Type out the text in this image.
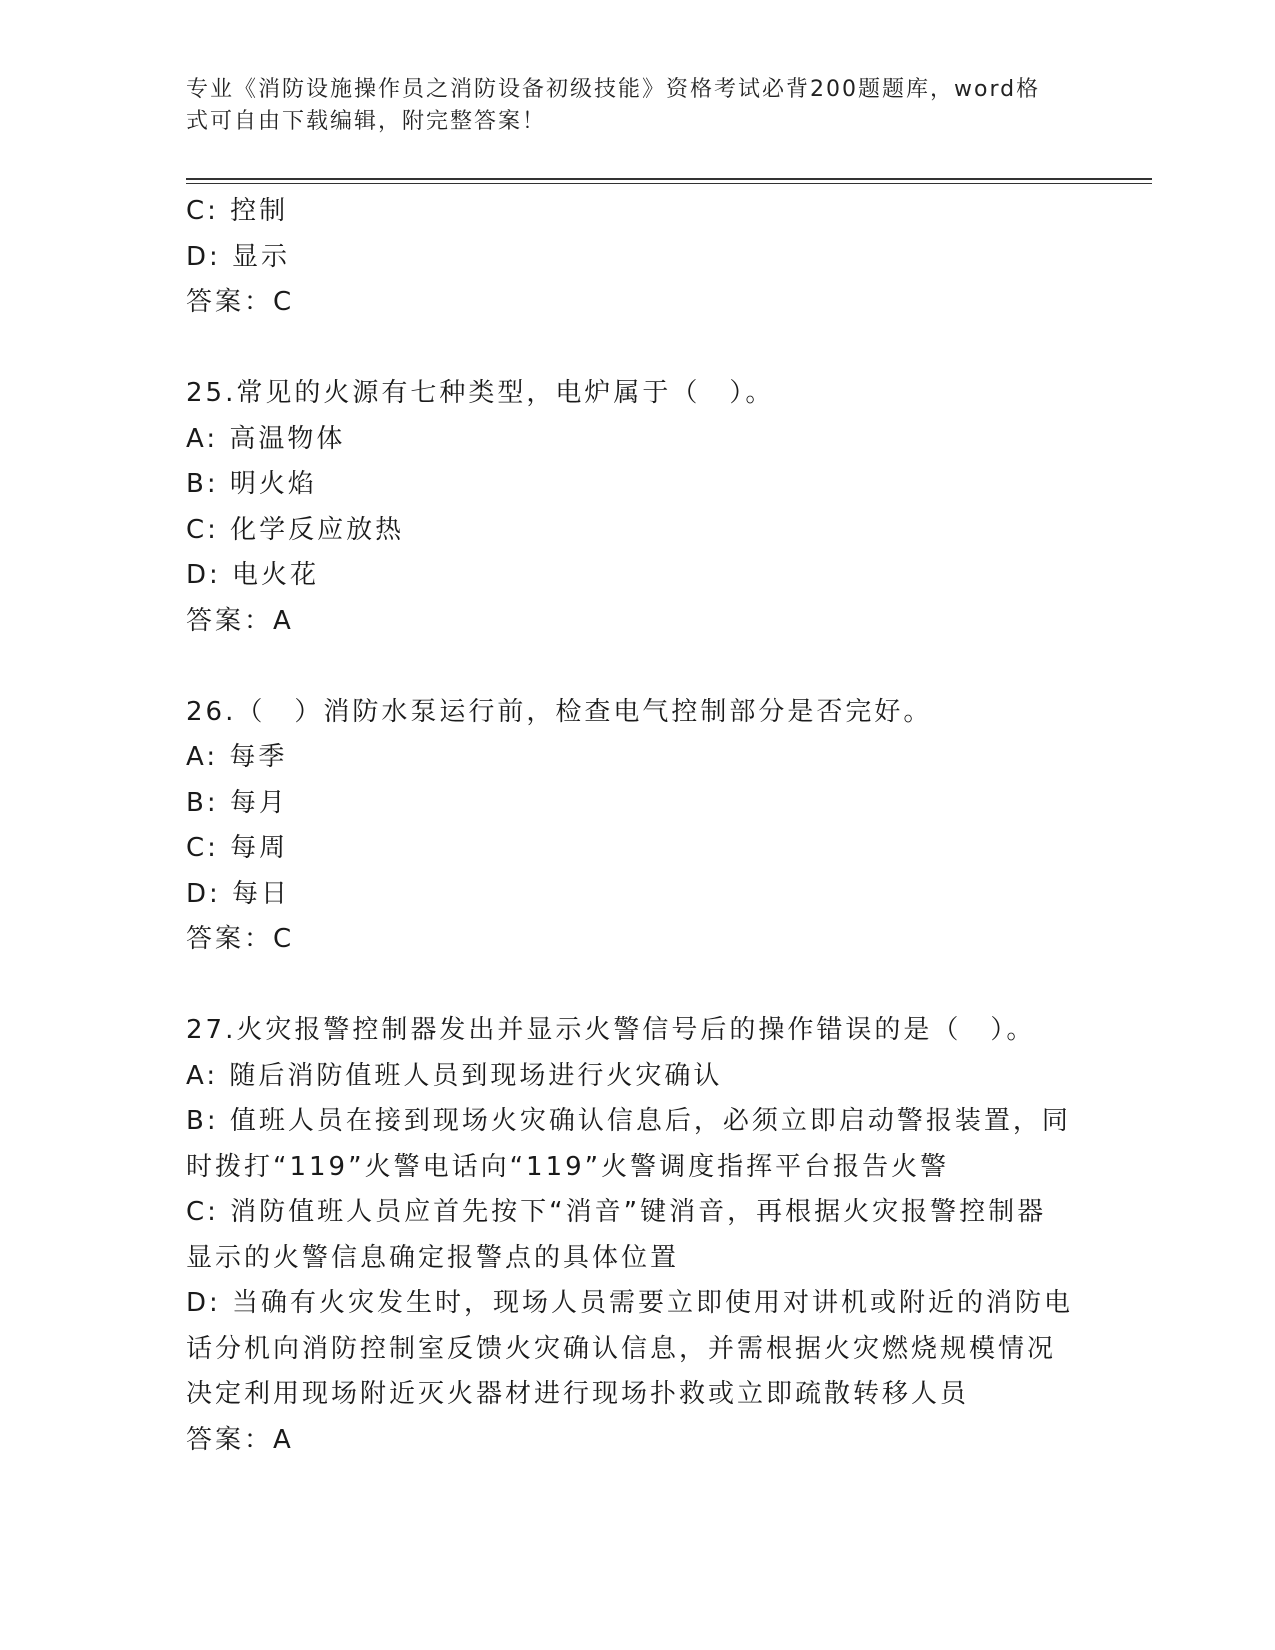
专业《消防设施操作员之消防设备初级技能》资格考试必背200题题库，word格
式可自由下载编辑，附完整答案！
C: 控制
D: 显示
答案：C
25.常见的火源有七种类型，电炉属于（　）。
A: 高温物体
B: 明火焰
C: 化学反应放热
D: 电火花
答案：A
26.（　）消防水泵运行前，检查电气控制部分是否完好。
A: 每季
B: 每月
C: 每周
D: 每日
答案：C
27.火灾报警控制器发出并显示火警信号后的操作错误的是（　）。
A: 随后消防值班人员到现场进行火灾确认
B: 值班人员在接到现场火灾确认信息后，必须立即启动警报装置，同
时拨打“119”火警电话向“119”火警调度指挥平台报告火警
C: 消防值班人员应首先按下“消音”键消音，再根据火灾报警控制器
显示的火警信息确定报警点的具体位置
D: 当确有火灾发生时，现场人员需要立即使用对讲机或附近的消防电
话分机向消防控制室反馈火灾确认信息，并需根据火灾燃烧规模情况
决定利用现场附近灭火器材进行现场扑救或立即疏散转移人员
答案：A
